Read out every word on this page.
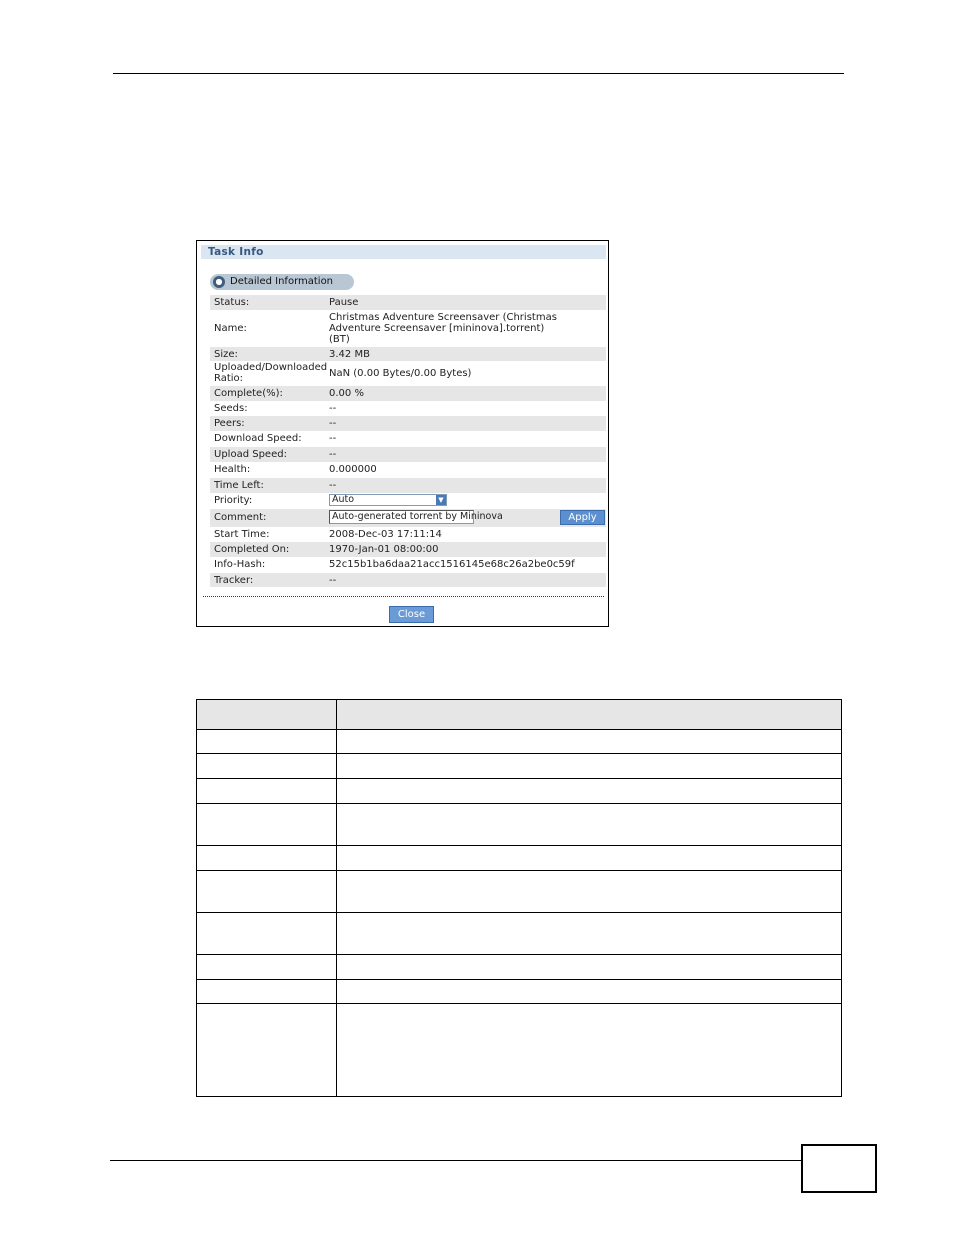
Task Info
● Detailed Information
Status:	Pause
Name:
Christmas Adventure Screensaver (Christmas
Adventure Screensaver [mininova].torrent)
(BT)
Size:	3.42 MB
Uploaded/Downloaded
Ratio:	NaN (0.00 Bytes/0.00 Bytes)
Complete(%):	0.00 %
Seeds:	--
Peers:	--
Download Speed:	--
Upload Speed:	--
Health:	0.000000
Time Left:	--
Priority:	Auto	▼
Comment:	Auto-generated torrent by Mininova	Apply
Start Time:	2008-Dec-03 17:11:14
Completed On:	1970-Jan-01 08:00:00
Info-Hash:	52c15b1ba6daa21acc1516145e68c26a2be0c59f
Tracker:	--
Close
